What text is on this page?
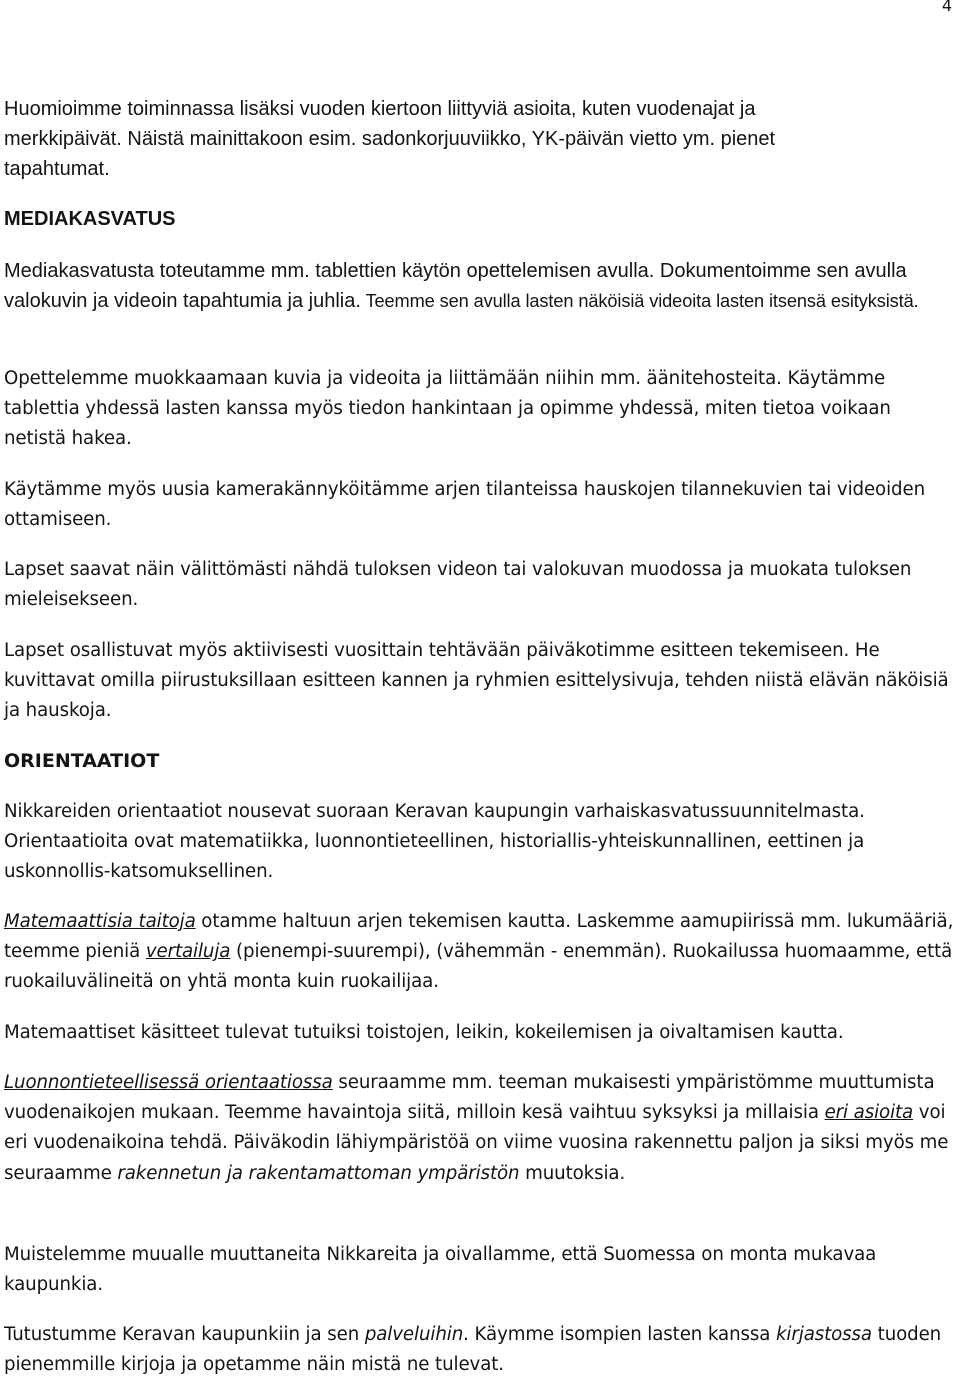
4

Huomioimme toiminnassa lisäksi vuoden kiertoon liittyviä asioita, kuten vuodenajat ja merkkipäivät. Näistä mainittakoon esim. sadonkorjuuviikko, YK-päivän vietto ym. pienet tapahtumat.

MEDIAKASVATUS

Mediakasvatusta toteutamme mm. tablettien käytön opettelemisen avulla. Dokumentoimme sen avulla valokuvin ja videoin tapahtumia ja juhlia. Teemme sen avulla lasten näköisiä videoita lasten itsensä esityksistä.

Opettelemme muokkaamaan kuvia ja videoita ja liittämään niihin mm. äänitehosteita. Käytämme tablettia yhdessä lasten kanssa myös tiedon hankintaan ja opimme yhdessä, miten tietoa voikaan netistä hakea.

Käytämme myös uusia kamerakännyköitämme arjen tilanteissa hauskojen tilannekuvien tai videoiden ottamiseen.

Lapset saavat näin välittömästi nähdä tuloksen videon tai valokuvan muodossa ja muokata tuloksen mieleisekseen.

Lapset osallistuvat myös aktiivisesti vuosittain tehtävään päiväkotimme esitteen tekemiseen. He kuvittavat omilla piirustuksillaan esitteen kannen ja ryhmien esittelysivuja, tehden niistä elävän näköisiä ja hauskoja.

ORIENTAATIOT

Nikkareiden orientaatiot nousevat suoraan Keravan kaupungin varhaiskasvatussuunnitelmasta. Orientaatioita ovat matematiikka, luonnontieteellinen, historiallis-yhteiskunnallinen, eettinen ja uskonnollis-katsomuksellinen.

Matemaattisia taitoja otamme haltuun arjen tekemisen kautta. Laskemme aamupiirissä mm. lukumääriä, teemme pieniä vertailuja (pienempi-suurempi), (vähemmän - enemmän). Ruokailussa huomaamme, että ruokailuvälineitä on yhtä monta kuin ruokailijaa.

Matemaattiset käsitteet tulevat tutuiksi toistojen, leikin, kokeilemisen ja oivaltamisen kautta.

Luonnontieteellisessä orientaatiossa seuraamme mm. teeman mukaisesti ympäristömme muuttumista vuodenaikojen mukaan. Teemme havaintoja siitä, milloin kesä vaihtuu syksyksi ja millaisia eri asioita voi eri vuodenaikoina tehdä. Päiväkodin lähiympäristöä on viime vuosina rakennettu paljon ja siksi myös me seuraamme rakennetun ja rakentamattoman ympäristön muutoksia.

Muistelemme muualle muuttaneita Nikkareita ja oivallamme, että Suomessa on monta mukavaa kaupunkia.

Tutustumme Keravan kaupunkiin ja sen palveluihin. Käymme isompien lasten kanssa kirjastossa tuoden pienemmille kirjoja ja opetamme näin mistä ne tulevat.
